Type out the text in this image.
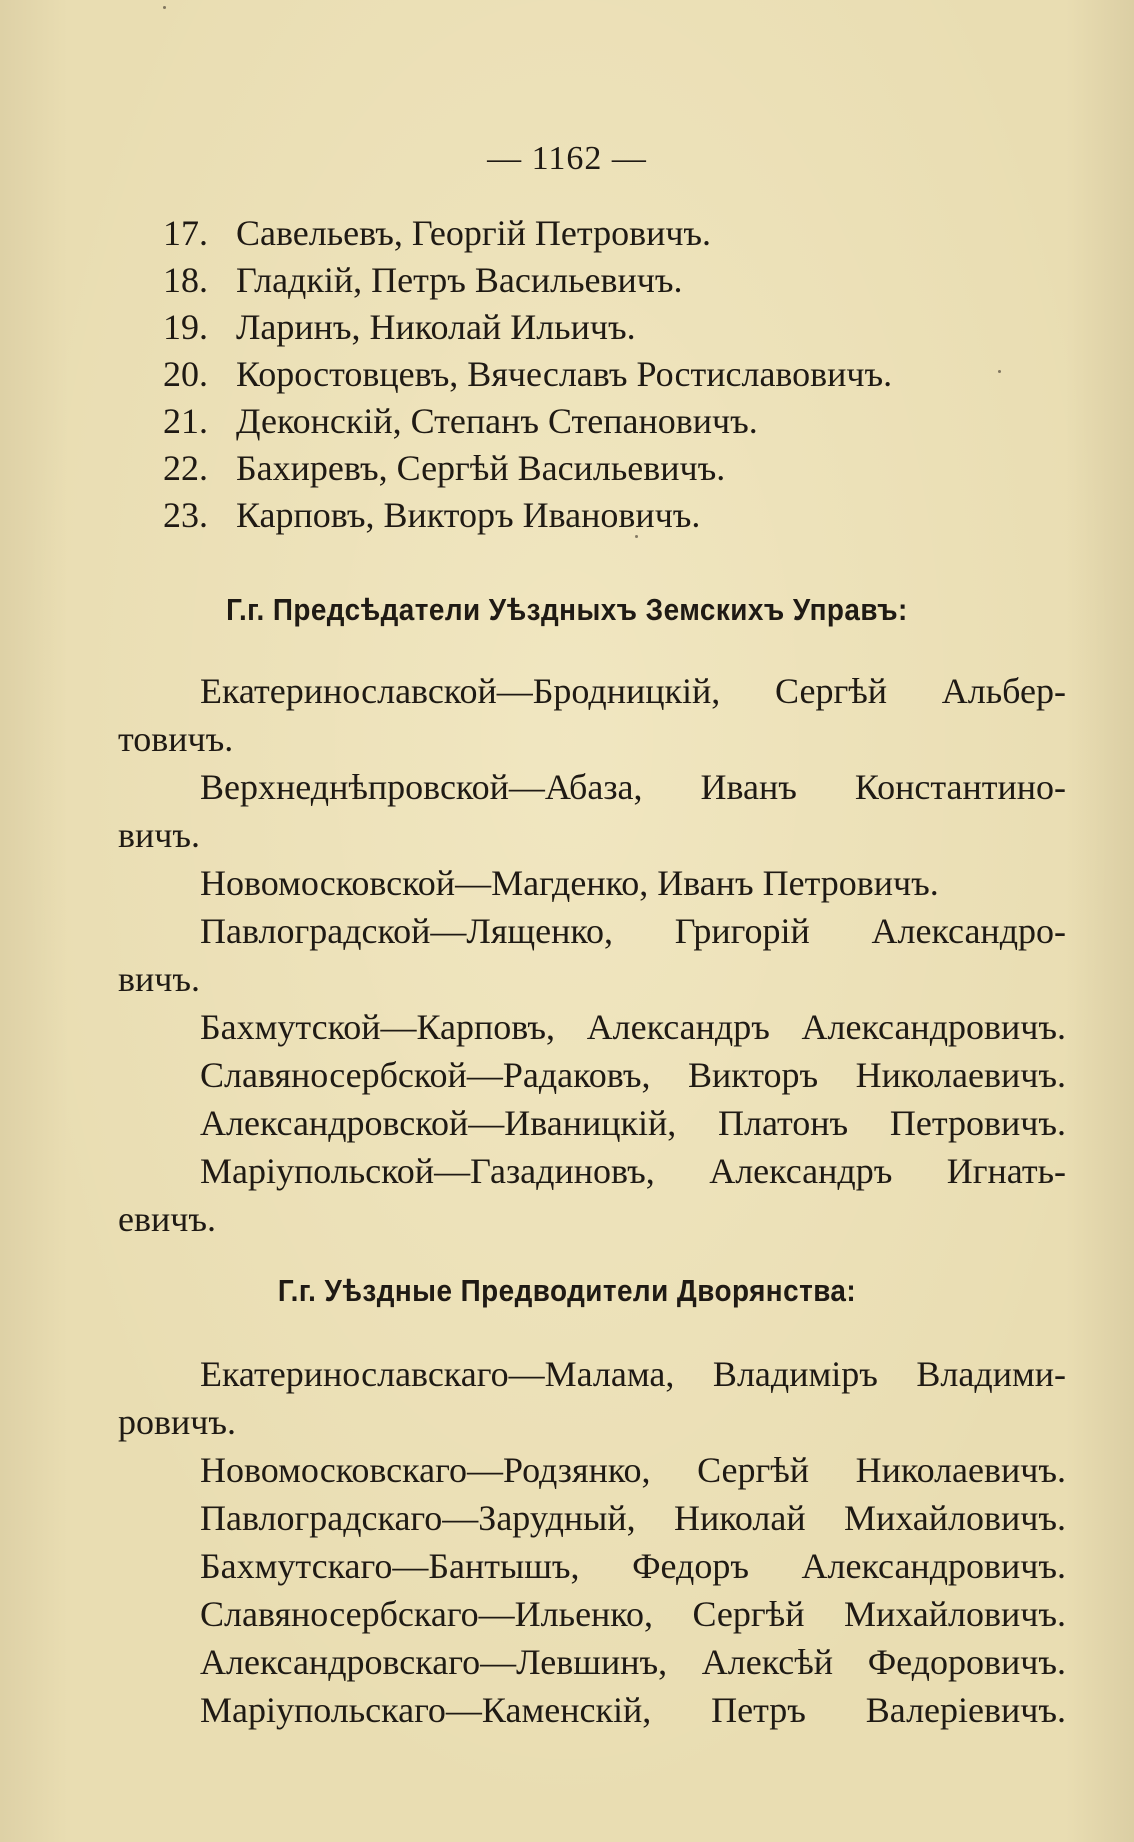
— 1162 —
17. Савельевъ, Георгій Петровичъ.
18. Гладкій, Петръ Васильевичъ.
19. Ларинъ, Николай Ильичъ.
20. Коростовцевъ, Вячеславъ Ростиславовичъ.
21. Деконскій, Степанъ Степановичъ.
22. Бахиревъ, Сергѣй Васильевичъ.
23. Карповъ, Викторъ Ивановичъ.
Г.г. Предсѣдатели Уѣздныхъ Земскихъ Управъ:
Екатеринославской—Бродницкій, Сергѣй Альбер-
товичъ.
Верхнеднѣпровской—Абаза, Иванъ Константино-
вичъ.
Новомосковской—Магденко, Иванъ Петровичъ.
Павлоградской—Лященко, Григорій Александро-
вичъ.
Бахмутской—Карповъ, Александръ Александровичъ.
Славяносербской—Радаковъ, Викторъ Николаевичъ.
Александровской—Иваницкій, Платонъ Петровичъ.
Маріупольской—Газадиновъ, Александръ Игнать-
евичъ.
Г.г. Уѣздные Предводители Дворянства:
Екатеринославскаго—Малама, Владиміръ Владими-
ровичъ.
Новомосковскаго—Родзянко, Сергѣй Николаевичъ.
Павлоградскаго—Зарудный, Николай Михайловичъ.
Бахмутскаго—Бантышъ, Федоръ Александровичъ.
Славяносербскаго—Ильенко, Сергѣй Михайловичъ.
Александровскаго—Левшинъ, Алексѣй Федоровичъ.
Маріупольскаго—Каменскій, Петръ Валеріевичъ.
